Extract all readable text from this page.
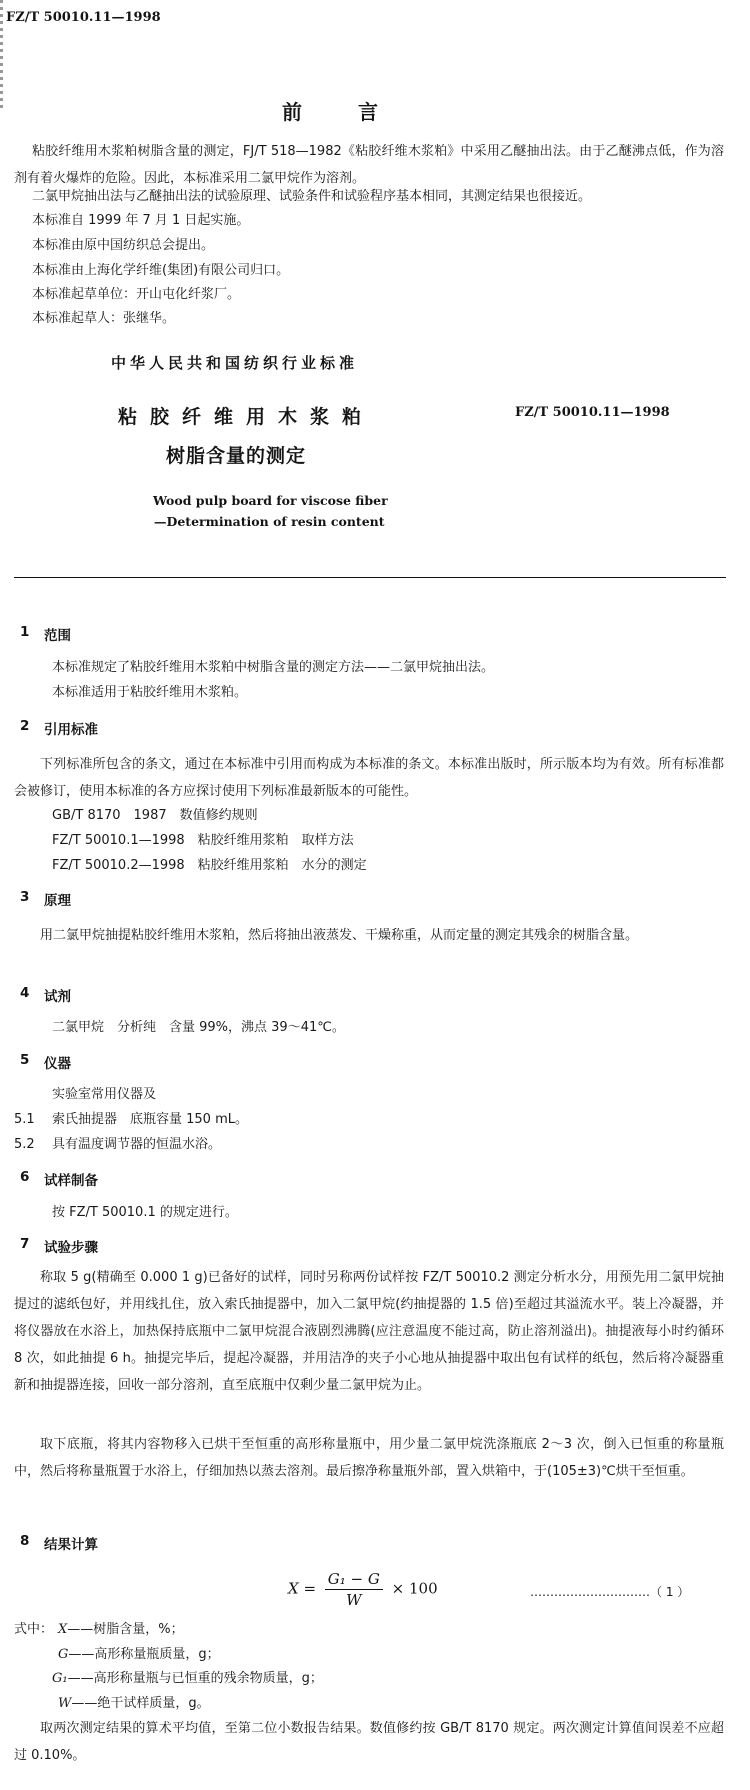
FZ/T 50010.11—1998
前　言
粘胶纤维用木浆粕树脂含量的测定，FJ/T 518—1982《粘胶纤维木浆粕》中采用乙醚抽出法。由于乙醚沸点低，作为溶剂有着火爆炸的危险。因此，本标准采用二氯甲烷作为溶剂。
二氯甲烷抽出法与乙醚抽出法的试验原理、试验条件和试验程序基本相同，其测定结果也很接近。
本标准自 1999 年 7 月 1 日起实施。
本标准由原中国纺织总会提出。
本标准由上海化学纤维(集团)有限公司归口。
本标准起草单位：开山屯化纤浆厂。
本标准起草人：张继华。
中华人民共和国纺织行业标准
粘胶纤维用木浆粕
树脂含量的测定
FZ/T 50010.11—1998
Wood pulp board for viscose fiber
—Determination of resin content
1 范围
本标准规定了粘胶纤维用木浆粕中树脂含量的测定方法——二氯甲烷抽出法。
本标准适用于粘胶纤维用木浆粕。
2 引用标准
下列标准所包含的条文，通过在本标准中引用而构成为本标准的条文。本标准出版时，所示版本均为有效。所有标准都会被修订，使用本标准的各方应探讨使用下列标准最新版本的可能性。
GB/T 8170　1987　数值修约规则
FZ/T 50010.1—1998　粘胶纤维用浆粕　取样方法
FZ/T 50010.2—1998　粘胶纤维用浆粕　水分的测定
3 原理
用二氯甲烷抽提粘胶纤维用木浆粕，然后将抽出液蒸发、干燥称重，从而定量的测定其残余的树脂含量。
4 试剂
二氯甲烷　分析纯　含量 99%，沸点 39～41℃。
5 仪器
实验室常用仪器及
5.1 索氏抽提器　底瓶容量 150 mL。
5.2 具有温度调节器的恒温水浴。
6 试样制备
按 FZ/T 50010.1 的规定进行。
7 试验步骤
称取 5 g(精确至 0.000 1 g)已备好的试样，同时另称两份试样按 FZ/T 50010.2 测定分析水分，用预先用二氯甲烷抽提过的滤纸包好，并用线扎住，放入索氏抽提器中，加入二氯甲烷(约抽提器的 1.5 倍)至超过其溢流水平。装上冷凝器，并将仪器放在水浴上，加热保持底瓶中二氯甲烷混合液剧烈沸腾(应注意温度不能过高，防止溶剂溢出)。抽提液每小时约循环 8 次，如此抽提 6 h。抽提完毕后，提起冷凝器，并用洁净的夹子小心地从抽提器中取出包有试样的纸包，然后将冷凝器重新和抽提器连接，回收一部分溶剂，直至底瓶中仅剩少量二氯甲烷为止。
取下底瓶，将其内容物移入已烘干至恒重的高形称量瓶中，用少量二氯甲烷洗涤瓶底 2～3 次，倒入已恒重的称量瓶中，然后将称量瓶置于水浴上，仔细加热以蒸去溶剂。最后擦净称量瓶外部，置入烘箱中，于(105±3)℃烘干至恒重。
8 结果计算
$X = \frac{\text{G₁ − G}}{W} \times 100$	…………………………（ 1 ）
式中： X——树脂含量，%；
G——高形称量瓶质量，g；
G₁——高形称量瓶与已恒重的残余物质量，g；
W——绝干试样质量，g。
取两次测定结果的算术平均值，至第二位小数报告结果。数值修约按 GB/T 8170 规定。两次测定计算值间误差不应超过 0.10%。
